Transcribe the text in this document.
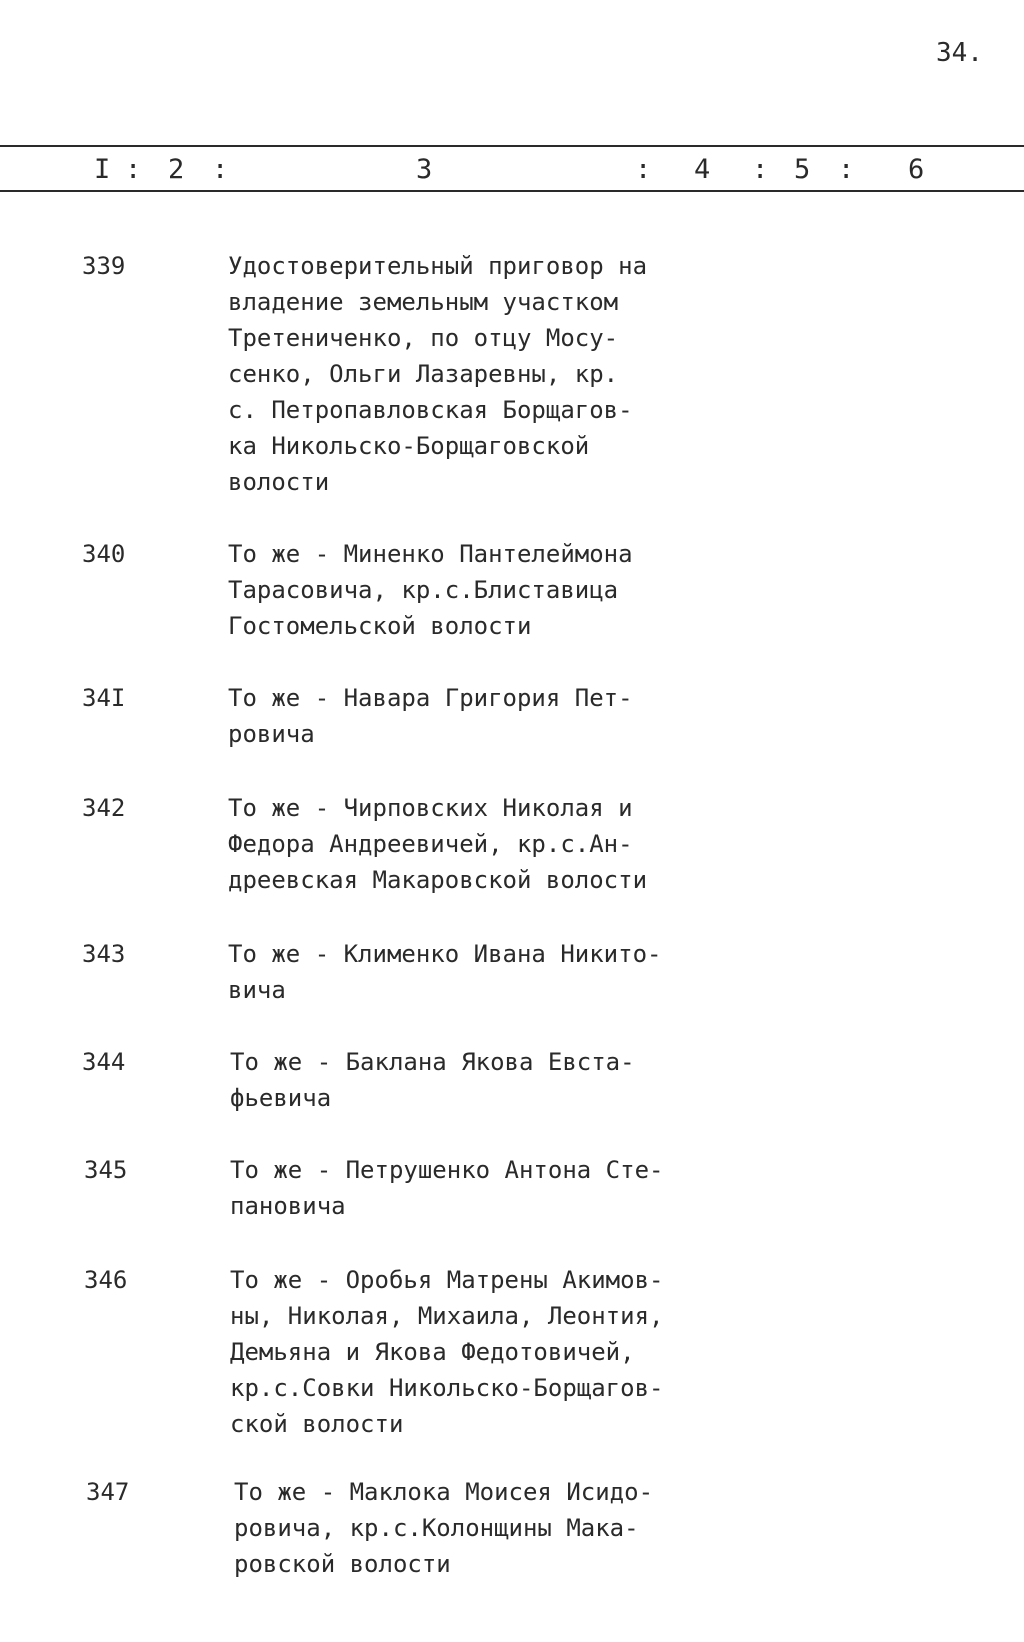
34.
I : 2 :	3	: 4 : 5 : 6
339	Удостоверительный приговор на
владение земельным участком
Третениченко, по отцу Мосу-
сенко, Ольги Лазаревны, кр.
с. Петропавловская Борщагов-
ка Никольско-Борщаговской
волости
340	То же - Миненко Пантелеймона
Тарасовича, кр.с.Блиставица
Гостомельской волости
34I	То же - Навара Григория Пет-
ровича
342	То же - Чирповских Николая и
Федора Андреевичей, кр.с.Ан-
дреевская Макаровской волости
343	То же - Клименко Ивана Никито-
вича
344	То же - Баклана Якова Евста-
фьевича
345	То же - Петрушенко Антона Сте-
пановича
346	То же - Оробья Матрены Акимов-
ны, Николая, Михаила, Леонтия,
Демьяна и Якова Федотовичей,
кр.с.Совки Никольско-Борщагов-
ской волости
347	То же - Маклока Моисея Исидо-
ровича, кр.с.Колонщины Мака-
ровской волости
